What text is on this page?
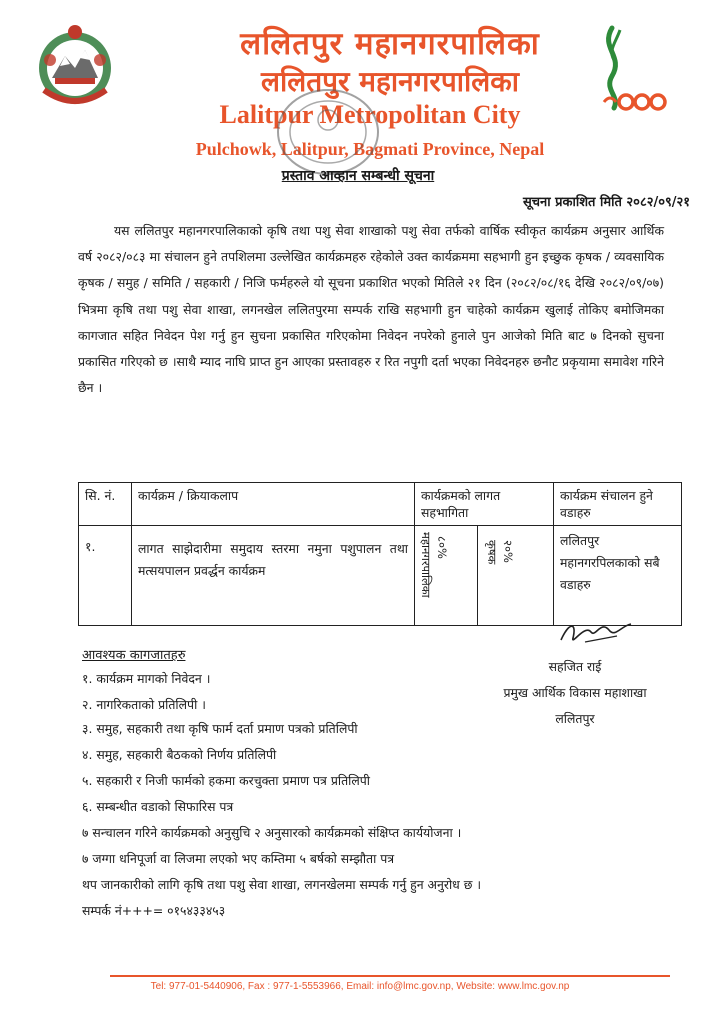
ललितपुर महानगरपालिका
ललितपुर महानगरपालिका
Lalitpur Metropolitan City
Pulchowk, Lalitpur, Bagmati Province, Nepal
प्रस्ताव आव्हान सम्बन्धी सूचना
सूचना प्रकाशित मिति २०८२/०९/२१
यस ललितपुर महानगरपालिकाको कृषि तथा पशु सेवा शाखाको पशु सेवा तर्फको वार्षिक स्वीकृत कार्यक्रम अनुसार आर्थिक वर्ष २०८२/०८३ मा संचालन हुने तपशिलमा उल्लेखित कार्यक्रमहरु रहेकोले उक्त कार्यक्रममा सहभागी हुन इच्छुक कृषक / व्यवसायिक कृषक / समुह / समिति / सहकारी / निजि फर्महरुले यो सूचना प्रकाशित भएको मितिले २१ दिन (२०८२/०८/१६ देखि २०८२/०९/०७) भित्रमा कृषि तथा पशु सेवा शाखा, लगनखेल ललितपुरमा सम्पर्क राखि सहभागी हुन चाहेको कार्यक्रम खुलाई तोकिए बमोजिमका कागजात सहित निवेदन पेश गर्नु हुन सुचना प्रकासित गरिएकोमा निवेदन नपरेको हुनाले पुन आजेको मिति बाट ७ दिनको सुचना प्रकासित गरिएको छ ।साथै म्याद नाघि प्राप्त हुन आएका प्रस्तावहरु र रित नपुगी दर्ता भएका निवेदनहरु छनौट प्रकृयामा समावेश गरिने छैन ।
सि. नं.	कार्यक्रम / क्रियाकलाप	कार्यक्रमको लागत सहभागिता	कार्यक्रम संचालन हुने वडाहरु
१.	लागत साझेदारीमा समुदाय स्तरमा नमुना पशुपालन तथा मत्सयपालन प्रवर्द्धन कार्यक्रम	महानगरपालिका ८०% कृषक २०%	ललितपुर महानगरपिलकाको सबै वडाहरु
सहजित राई
प्रमुख आर्थिक विकास महाशाखा
ललितपुर
आवश्यक कागजातहरु
१. कार्यक्रम मागको निवेदन ।
२. नागरिकताको प्रतिलिपी ।
३. समुह, सहकारी तथा कृषि फार्म दर्ता प्रमाण पत्रको प्रतिलिपी
४. समुह, सहकारी बैठकको निर्णय प्रतिलिपी
५. सहकारी र निजी फार्मको हकमा करचुक्ता प्रमाण पत्र प्रतिलिपी
६. सम्बन्धीत वडाको सिफारिस पत्र
७ सन्चालन गरिने कार्यक्रमको अनुसुचि २ अनुसारको कार्यक्रमको संक्षिप्त कार्ययोजना ।
७ जग्गा धनिपूर्जा वा लिजमा लएको भए कम्तिमा ५ बर्षको सम्झौता पत्र
थप जानकारीको लागि कृषि तथा पशु सेवा शाखा, लगनखेलमा सम्पर्क गर्नु हुन अनुरोध छ ।
सम्पर्क नं+++= ०१५४३३४५३
Tel: 977-01-5440906, Fax : 977-1-5553966, Email: info@lmc.gov.np, Website: www.lmc.gov.np
